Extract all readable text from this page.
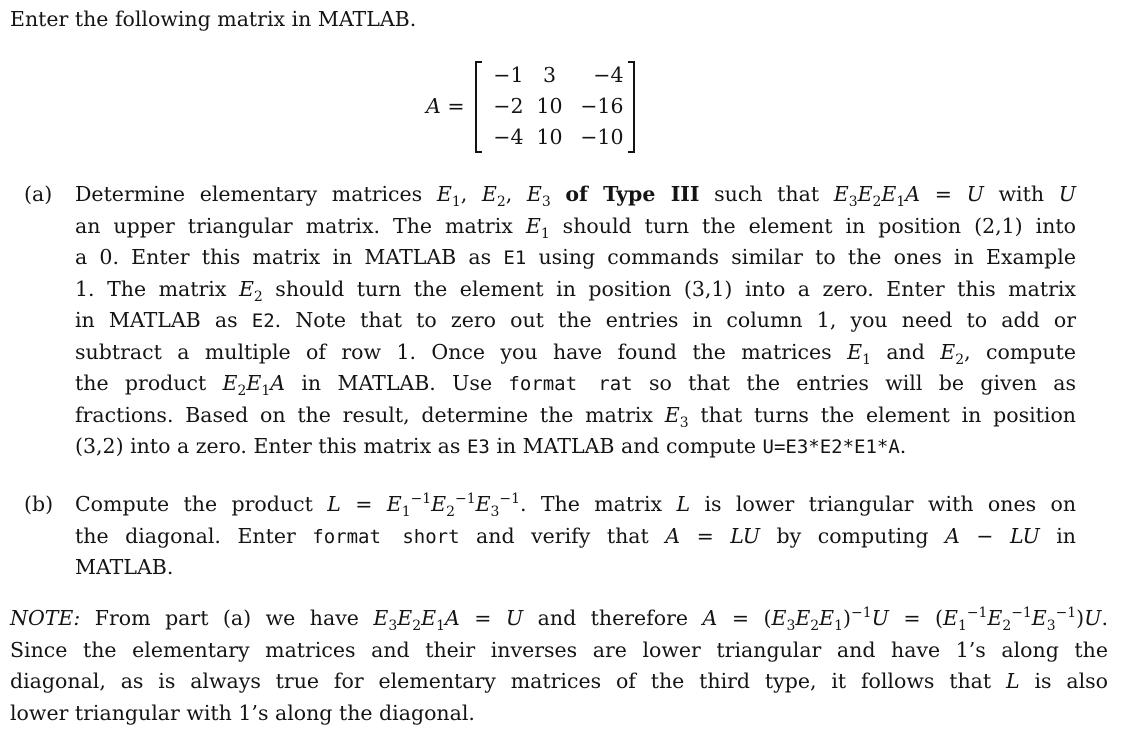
Enter the following matrix in MATLAB.
A =
−1 3	−4
−2 10 −16
−4 10 −10
(a) Determine elementary matrices $E_1$, $E_2$, $E_3$ of Type III such that $E_3E_2E_1A = U$ with U
an upper triangular matrix. The matrix $E_1$ should turn the element in position (2,1) into
a 0. Enter this matrix in MATLAB as E1 using commands similar to the ones in Example
1. The matrix $E_2$ should turn the element in position (3,1) into a zero. Enter this matrix
in MATLAB as E2. Note that to zero out the entries in column 1, you need to add or
subtract a multiple of row 1. Once you have found the matrices $E_1$ and $E_2$, compute
the product $E_2E_1A$ in MATLAB. Use format rat so that the entries will be given as
fractions. Based on the result, determine the matrix $E_3$ that turns the element in position
(3,2) into a zero. Enter this matrix as E3 in MATLAB and compute U=E3*E2*E1*A.
(b) Compute the product $L = E_1^{-1}E_2^{-1}E_3^{-1}$. The matrix L is lower triangular with ones on
the diagonal. Enter format short and verify that A = LU by computing A − LU in
MATLAB.
NOTE: From part (a) we have $E_3E_2E_1A = U$ and therefore $A = (E_3E_2E_1)^{-1}U = (E_1^{-1}E_2^{-1}E_3^{-1})U$.
Since the elementary matrices and their inverses are lower triangular and have 1’s along the
diagonal, as is always true for elementary matrices of the third type, it follows that L is also
lower triangular with 1’s along the diagonal.
